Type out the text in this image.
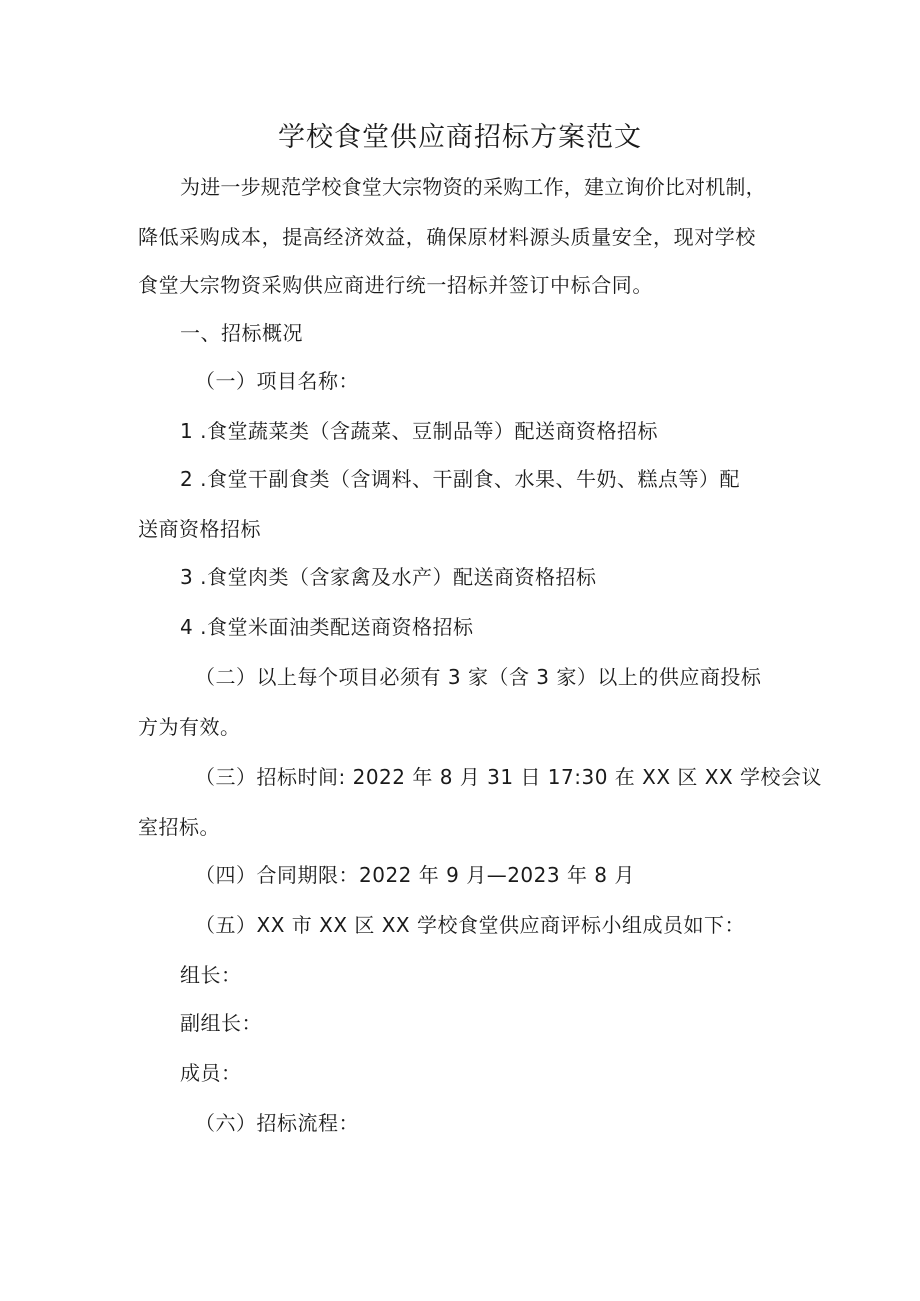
学校食堂供应商招标方案范文
为进一步规范学校食堂大宗物资的采购工作，建立询价比对机制，
降低采购成本，提高经济效益，确保原材料源头质量安全，现对学校
食堂大宗物资采购供应商进行统一招标并签订中标合同。
一、招标概况
（一）项目名称：
1 .食堂蔬菜类（含蔬菜、豆制品等）配送商资格招标
2 .食堂干副食类（含调料、干副食、水果、牛奶、糕点等）配
送商资格招标
3 .食堂肉类（含家禽及水产）配送商资格招标
4 .食堂米面油类配送商资格招标
（二）以上每个项目必须有 3 家（含 3 家）以上的供应商投标
方为有效。
（三）招标时间: 2022 年 8 月 31 日 17:30 在 XX 区 XX 学校会议
室招标。
（四）合同期限：2022 年 9 月—2023 年 8 月
（五）XX 市 XX 区 XX 学校食堂供应商评标小组成员如下：
组长：
副组长：
成员：
（六）招标流程：
